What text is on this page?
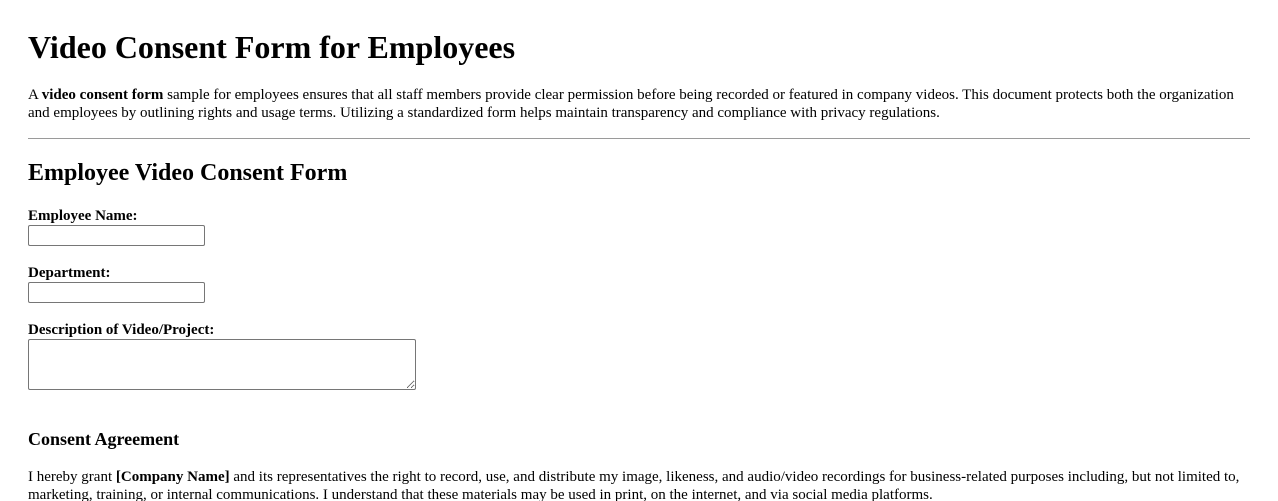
Video Consent Form for Employees

A video consent form sample for employees ensures that all staff members provide clear permission before being recorded or featured in company videos. This document protects both the organization and employees by outlining rights and usage terms. Utilizing a standardized form helps maintain transparency and compliance with privacy regulations.

Employee Video Consent Form
Employee Name:
Department:
Description of Video/Project:
Consent Agreement

I hereby grant [Company Name] and its representatives the right to record, use, and distribute my image, likeness, and audio/video recordings for business-related purposes including, but not limited to, marketing, training, or internal communications. I understand that these materials may be used in print, on the internet, and via social media platforms.
